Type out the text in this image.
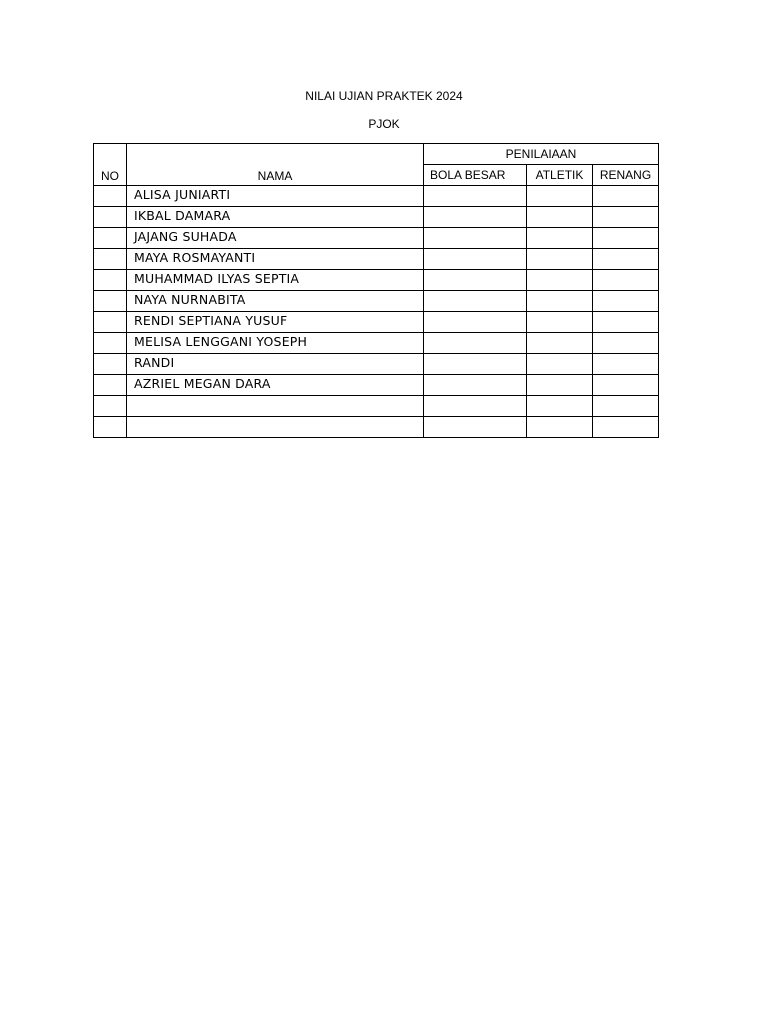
NILAI UJIAN PRAKTEK 2024
PJOK
NO	NAMA	PENILAIAAN		
		BOLA BESAR	ATLETIK	RENANG
	ALISA JUNIARTI			
	IKBAL DAMARA			
	JAJANG SUHADA			
	MAYA ROSMAYANTI			
	MUHAMMAD ILYAS SEPTIA			
	NAYA NURNABITA			
	RENDI SEPTIANA YUSUF			
	MELISA LENGGANI YOSEPH			
	RANDI			
	AZRIEL MEGAN DARA			
